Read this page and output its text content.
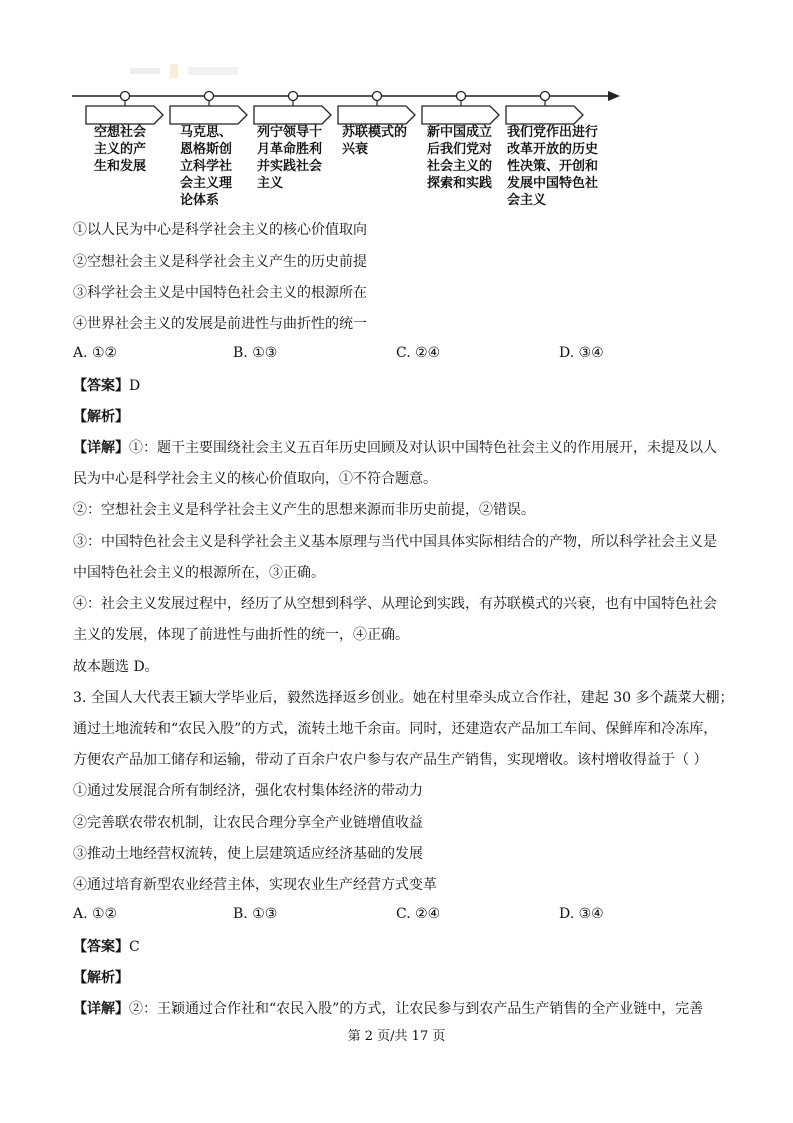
空想社会
主义的产
生和发展
马克思、
恩格斯创
立科学社
会主义理
论体系
列宁领导十
月革命胜利
并实践社会
主义
苏联模式的
兴衰
新中国成立
后我们党对
社会主义的
探索和实践
我们党作出进行
改革开放的历史
性决策、开创和
发展中国特色社
会主义
①以人民为中心是科学社会主义的核心价值取向
②空想社会主义是科学社会主义产生的历史前提
③科学社会主义是中国特色社会主义的根源所在
④世界社会主义的发展是前进性与曲折性的统一
A. ①②	B. ①③	C. ②④	D. ③④
【答案】D
【解析】
【详解】①：题干主要围绕社会主义五百年历史回顾及对认识中国特色社会主义的作用展开，未提及以人
民为中心是科学社会主义的核心价值取向，①不符合题意。
②：空想社会主义是科学社会主义产生的思想来源而非历史前提，②错误。
③：中国特色社会主义是科学社会主义基本原理与当代中国具体实际相结合的产物，所以科学社会主义是
中国特色社会主义的根源所在，③正确。
④：社会主义发展过程中，经历了从空想到科学、从理论到实践，有苏联模式的兴衰，也有中国特色社会
主义的发展，体现了前进性与曲折性的统一，④正确。
故本题选 D。
3. 全国人大代表王颖大学毕业后，毅然选择返乡创业。她在村里牵头成立合作社，建起 30 多个蔬菜大棚；
通过土地流转和“农民入股”的方式，流转土地千余亩。同时，还建造农产品加工车间、保鲜库和冷冻库，
方便农产品加工储存和运输，带动了百余户农户参与农产品生产销售，实现增收。该村增收得益于（ ）
①通过发展混合所有制经济，强化农村集体经济的带动力
②完善联农带农机制，让农民合理分享全产业链增值收益
③推动土地经营权流转，使上层建筑适应经济基础的发展
④通过培育新型农业经营主体，实现农业生产经营方式变革
A. ①②	B. ①③	C. ②④	D. ③④
【答案】C
【解析】
【详解】②：王颖通过合作社和“农民入股”的方式，让农民参与到农产品生产销售的全产业链中，完善
第 2 页/共 17 页
